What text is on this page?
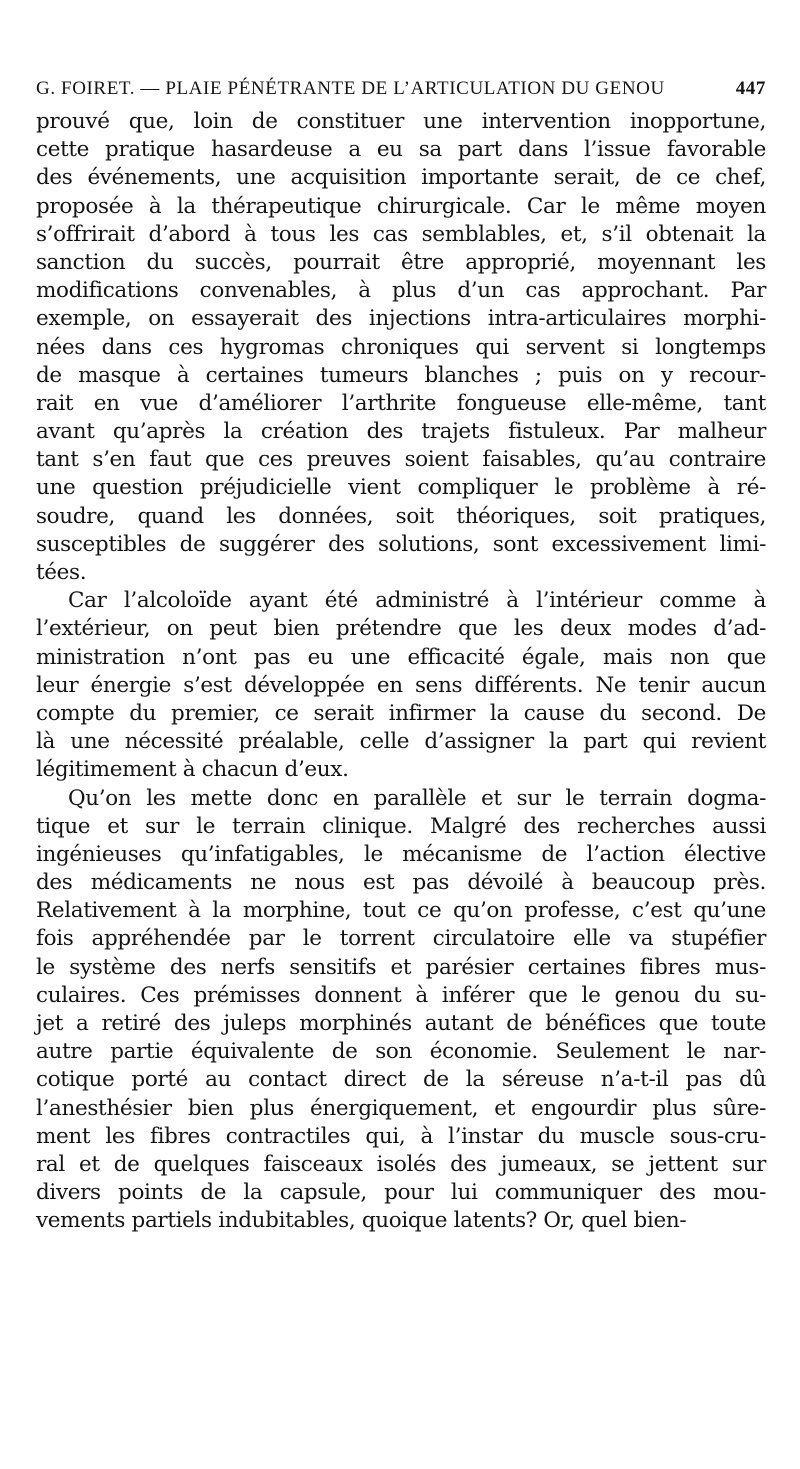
G. FOIRET. — PLAIE PÉNÉTRANTE DE L’ARTICULATION DU GENOU	447
prouvé que, loin de constituer une intervention inopportune,
cette pratique hasardeuse a eu sa part dans l’issue favorable
des événements, une acquisition importante serait, de ce chef,
proposée à la thérapeutique chirurgicale. Car le même moyen
s’offrirait d’abord à tous les cas semblables, et, s’il obtenait la
sanction du succès, pourrait être approprié, moyennant les
modifications convenables, à plus d’un cas approchant. Par
exemple, on essayerait des injections intra-articulaires morphi-
nées dans ces hygromas chroniques qui servent si longtemps
de masque à certaines tumeurs blanches ; puis on y recour-
rait en vue d’améliorer l’arthrite fongueuse elle-même, tant
avant qu’après la création des trajets fistuleux. Par malheur
tant s’en faut que ces preuves soient faisables, qu’au contraire
une question préjudicielle vient compliquer le problème à ré-
soudre, quand les données, soit théoriques, soit pratiques,
susceptibles de suggérer des solutions, sont excessivement limi-
tées.
Car l’alcoloïde ayant été administré à l’intérieur comme à
l’extérieur, on peut bien prétendre que les deux modes d’ad-
ministration n’ont pas eu une efficacité égale, mais non que
leur énergie s’est développée en sens différents. Ne tenir aucun
compte du premier, ce serait infirmer la cause du second. De
là une nécessité préalable, celle d’assigner la part qui revient
légitimement à chacun d’eux.
Qu’on les mette donc en parallèle et sur le terrain dogma-
tique et sur le terrain clinique. Malgré des recherches aussi
ingénieuses qu’infatigables, le mécanisme de l’action élective
des médicaments ne nous est pas dévoilé à beaucoup près.
Relativement à la morphine, tout ce qu’on professe, c’est qu’une
fois appréhendée par le torrent circulatoire elle va stupéfier
le système des nerfs sensitifs et parésier certaines fibres mus-
culaires. Ces prémisses donnent à inférer que le genou du su-
jet a retiré des juleps morphinés autant de bénéfices que toute
autre partie équivalente de son économie. Seulement le nar-
cotique porté au contact direct de la séreuse n’a-t-il pas dû
l’anesthésier bien plus énergiquement, et engourdir plus sûre-
ment les fibres contractiles qui, à l’instar du muscle sous-cru-
ral et de quelques faisceaux isolés des jumeaux, se jettent sur
divers points de la capsule, pour lui communiquer des mou-
vements partiels indubitables, quoique latents? Or, quel bien-
